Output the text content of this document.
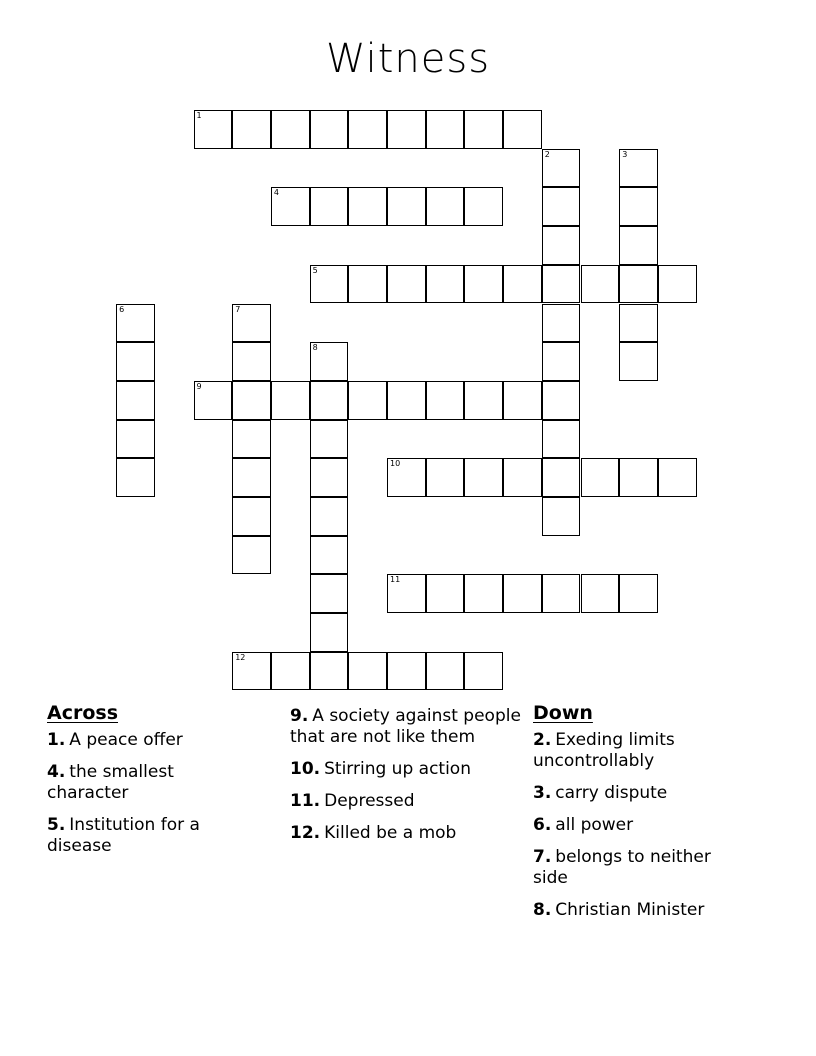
Witness
1
2	3
4
5
6	7
8
9
10
11
12
Across
1. A peace offer
4. the smallest character
5. Institution for a disease
9. A society against people that are not like them
10. Stirring up action
11. Depressed
12. Killed be a mob
Down
2. Exeding limits uncontrollably
3. carry dispute
6. all power
7. belongs to neither side
8. Christian Minister
